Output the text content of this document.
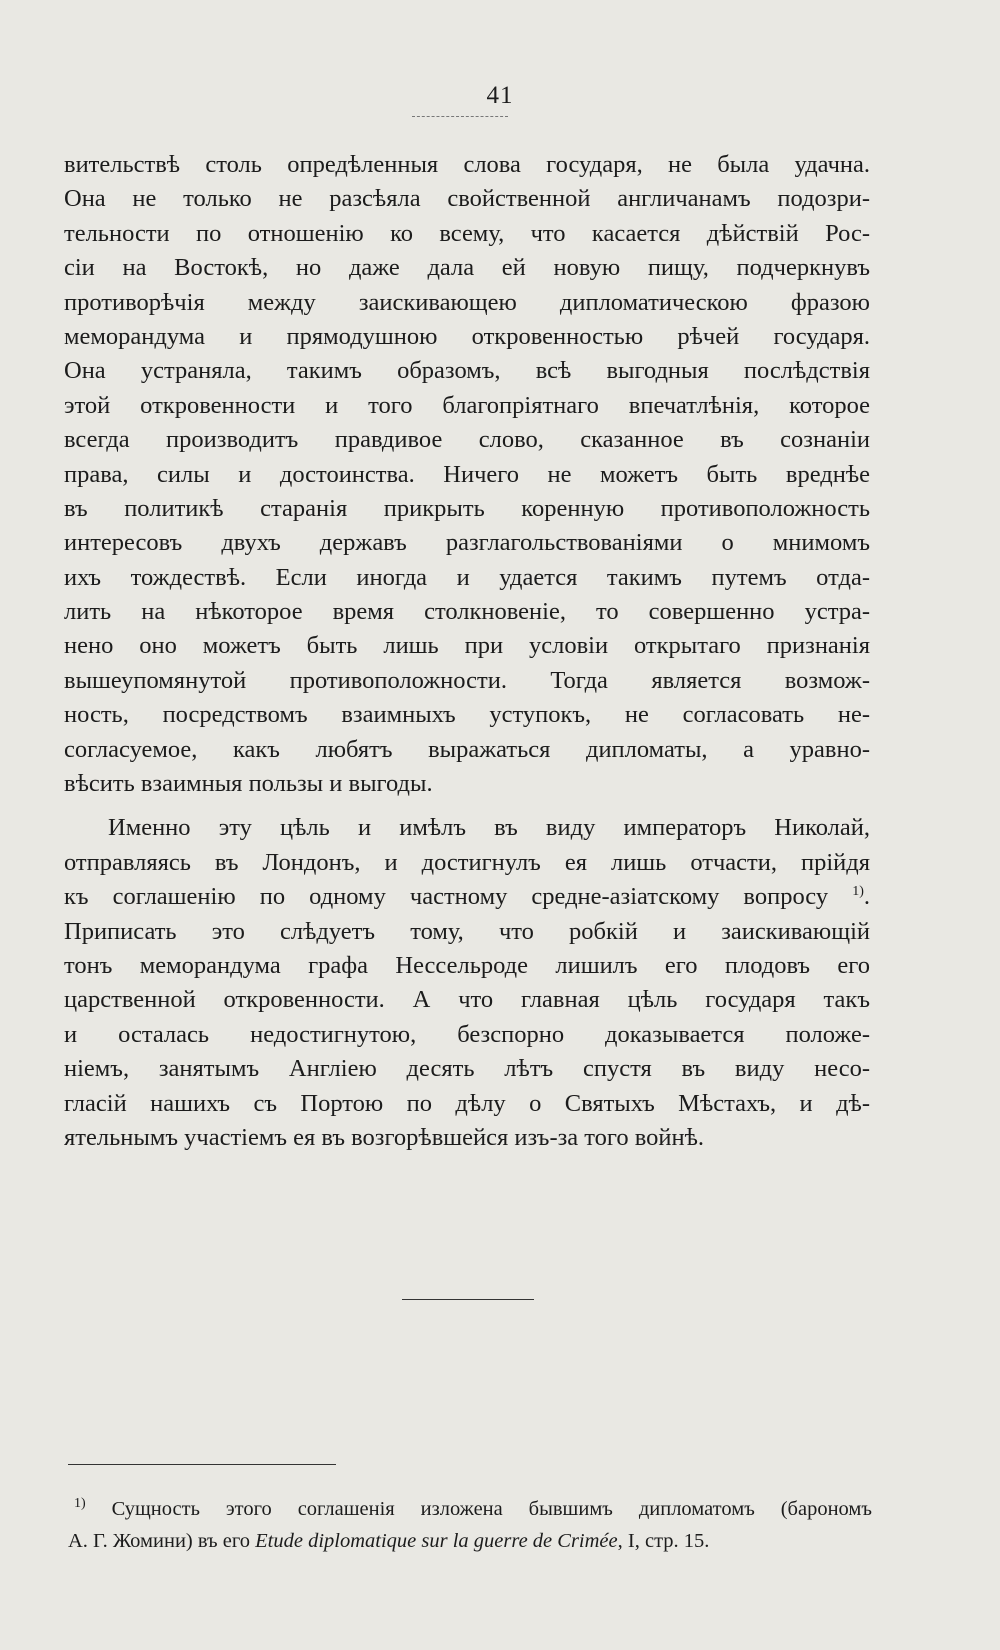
41
вительствѣ столь опредѣленныя слова государя, не была удачна.
Она не только не разсѣяла свойственной англичанамъ подозри-
тельности по отношенію ко всему, что касается дѣйствій Рос-
сіи на Востокѣ, но даже дала ей новую пищу, подчеркнувъ
противорѣчія между заискивающею дипломатическою фразою
меморандума и прямодушною откровенностью рѣчей государя.
Она устраняла, такимъ образомъ, всѣ выгодныя послѣдствія
этой откровенности и того благопріятнаго впечатлѣнія, которое
всегда производитъ правдивое слово, сказанное въ сознаніи
права, силы и достоинства. Ничего не можетъ быть вреднѣе
въ политикѣ старанія прикрыть коренную противоположность
интересовъ двухъ державъ разглагольствованіями о мнимомъ
ихъ тождествѣ. Если иногда и удается такимъ путемъ отда-
лить на нѣкоторое время столкновеніе, то совершенно устра-
нено оно можетъ быть лишь при условіи открытаго признанія
вышеупомянутой противоположности. Тогда является возмож-
ность, посредствомъ взаимныхъ уступокъ, не согласовать не-
согласуемое, какъ любятъ выражаться дипломаты, а уравно-
вѣсить взаимныя пользы и выгоды.
Именно эту цѣль и имѣлъ въ виду императоръ Николай,
отправляясь въ Лондонъ, и достигнулъ ея лишь отчасти, прійдя
къ соглашенію по одному частному средне-азіатскому вопросу $^{1)}$.
Приписать это слѣдуетъ тому, что робкій и заискивающій
тонъ меморандума графа Нессельроде лишилъ его плодовъ его
царственной откровенности. А что главная цѣль государя такъ
и осталась недостигнутою, безспорно доказывается положе-
ніемъ, занятымъ Англіею десять лѣтъ спустя въ виду несо-
гласій нашихъ съ Портою по дѣлу о Святыхъ Мѣстахъ, и дѣ-
ятельнымъ участіемъ ея въ возгорѣвшейся изъ-за того войнѣ.
$^{1)}$ Сущность этого соглашенія изложена бывшимъ дипломатомъ (барономъ
А. Г. Жомини) въ его Etude diplomatique sur la guerre de Crimée, I, стр. 15.
